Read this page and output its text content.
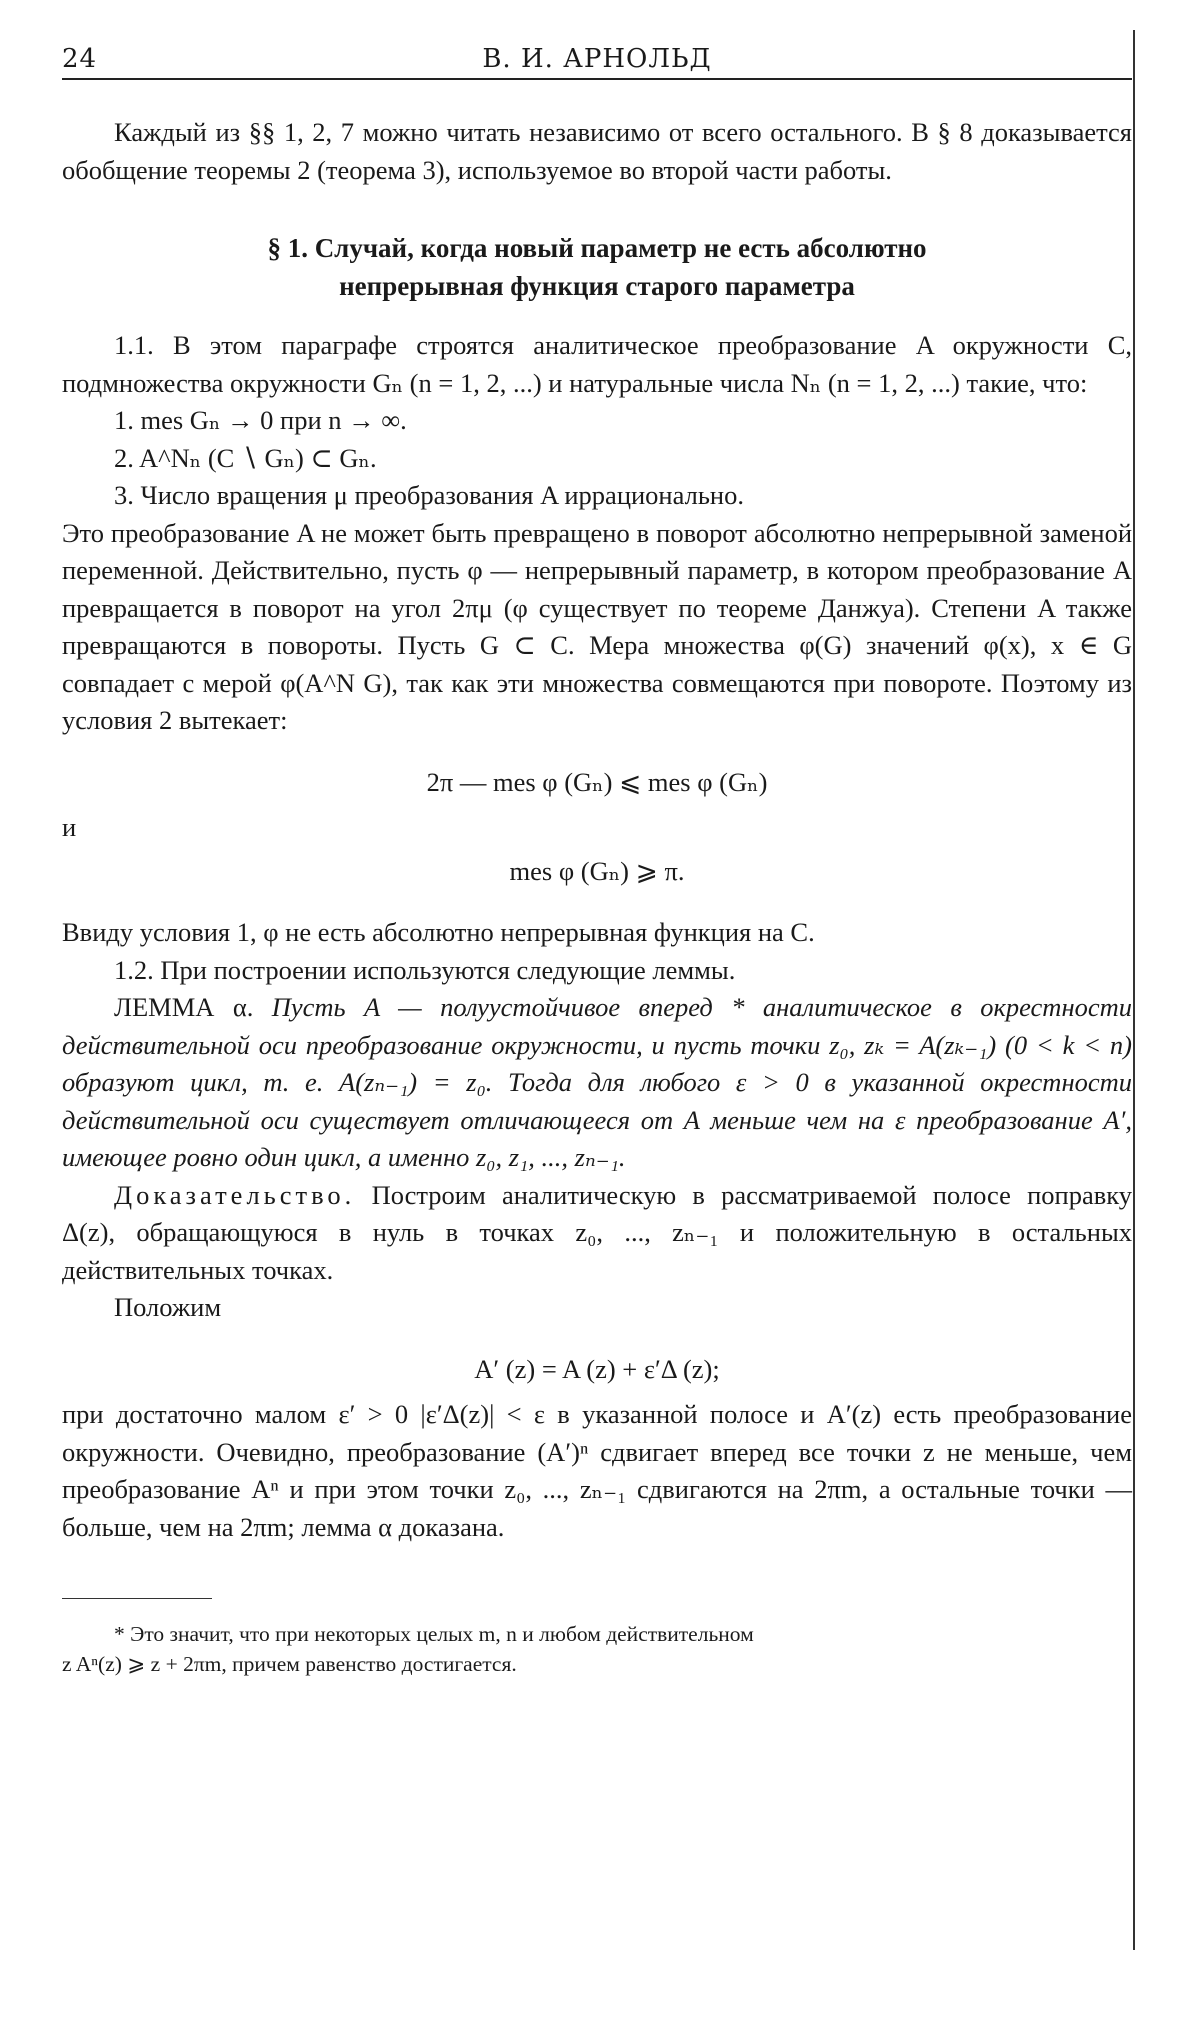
24	В. И. АРНОЛЬД

Каждый из §§ 1, 2, 7 можно читать независимо от всего остального. В § 8 доказывается обобщение теоремы 2 (теорема 3), используемое во второй части работы.

§ 1. Случай, когда новый параметр не есть абсолютно
непрерывная функция старого параметра

1.1. В этом параграфе строятся аналитическое преобразование A окружности C, подмножества окружности Gₙ (n = 1, 2, ...) и натуральные числа Nₙ (n = 1, 2, ...) такие, что:

1. mes Gₙ → 0 при n → ∞.

2. A^Nₙ (C ∖ Gₙ) ⊂ Gₙ.

3. Число вращения μ преобразования A иррационально.

Это преобразование A не может быть превращено в поворот абсолютно непрерывной заменой переменной. Действительно, пусть φ — непрерывный параметр, в котором преобразование A превращается в поворот на угол 2πμ (φ существует по теореме Данжуа). Степени A также превращаются в повороты. Пусть G ⊂ C. Мера множества φ(G) значений φ(x), x ∈ G совпадает с мерой φ(A^N G), так как эти множества совмещаются при повороте. Поэтому из условия 2 вытекает:

2π — mes φ (Gₙ) ⩽ mes φ (Gₙ)

и

mes φ (Gₙ) ⩾ π.

Ввиду условия 1, φ не есть абсолютно непрерывная функция на C.

1.2. При построении используются следующие леммы.

ЛЕММА α. Пусть A — полуустойчивое вперед * аналитическое в окрестности действительной оси преобразование окружности, и пусть точки z₀, zₖ = A(zₖ₋₁) (0 < k < n) образуют цикл, т. е. A(zₙ₋₁) = z₀. Тогда для любого ε > 0 в указанной окрестности действительной оси существует отличающееся от A меньше чем на ε преобразование A′, имеющее ровно один цикл, а именно z₀, z₁, ..., zₙ₋₁.

Доказательство. Построим аналитическую в рассматриваемой полосе поправку Δ(z), обращающуюся в нуль в точках z₀, ..., zₙ₋₁ и положительную в остальных действительных точках.

Положим

A′ (z) = A (z) + ε′Δ (z);

при достаточно малом ε′ > 0 |ε′Δ(z)| < ε в указанной полосе и A′(z) есть преобразование окружности. Очевидно, преобразование (A′)ⁿ сдвигает вперед все точки z не меньше, чем преобразование Aⁿ и при этом точки z₀, ..., zₙ₋₁ сдвигаются на 2πm, а остальные точки — больше, чем на 2πm; лемма α доказана.

* Это значит, что при некоторых целых m, n и любом действительном

z Aⁿ(z) ⩾ z + 2πm, причем равенство достигается.
